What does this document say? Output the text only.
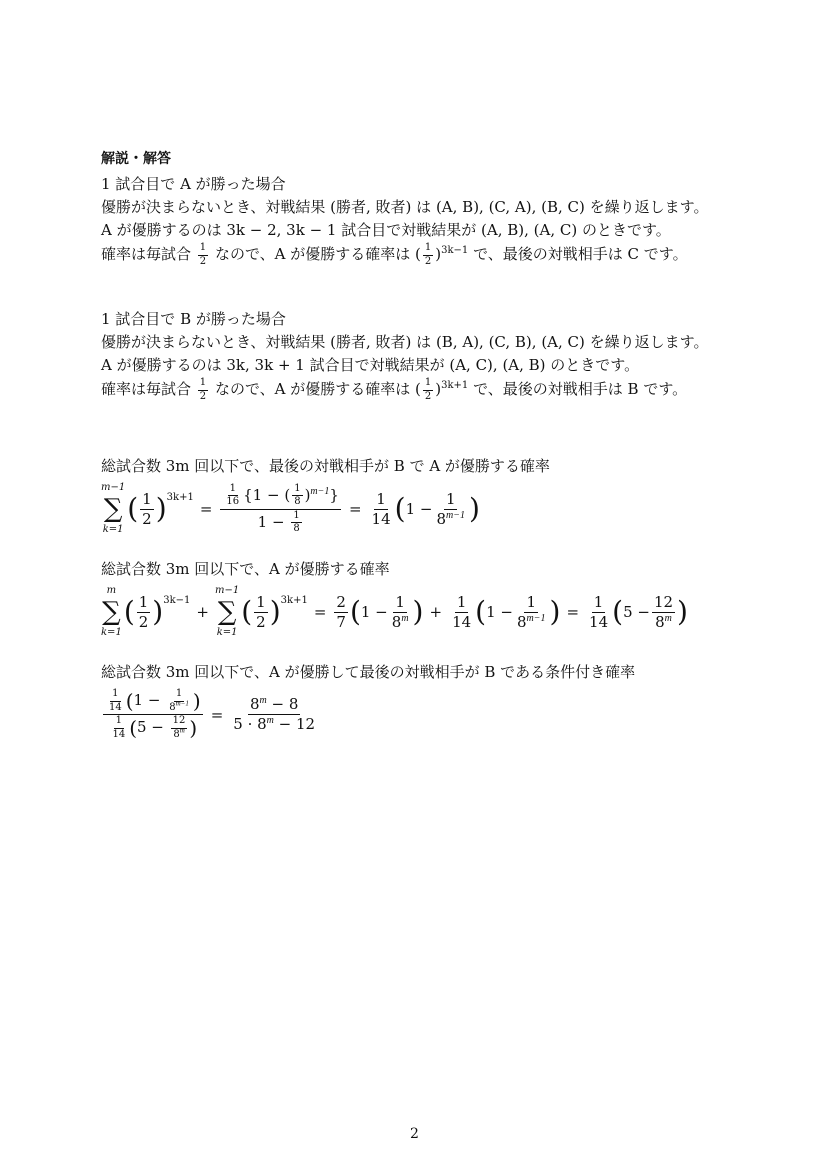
解説・解答
1 試合目で A が勝った場合
優勝が決まらないとき、対戦結果 (勝者, 敗者) は (A, B), (C, A), (B, C) を繰り返します。
A が優勝するのは 3k − 2, 3k − 1 試合目で対戦結果が (A, B), (A, C) のときです。
確率は毎試合 $\frac{1}{2}$ なので、A が優勝する確率は ( $\frac{1}{2} )^{3k-1}$ で、最後の対戦相手は C です。
1 試合目で B が勝った場合
優勝が決まらないとき、対戦結果 (勝者, 敗者) は (B, A), (C, B), (A, C) を繰り返します。
A が優勝するのは 3k, 3k + 1 試合目で対戦結果が (A, C), (A, B) のときです。
確率は毎試合 $\frac{1}{2}$ なので、A が優勝する確率は ( $\frac{1}{2} )^{3k+1}$ で、最後の対戦相手は B です。
総試合数 3m 回以下で、最後の対戦相手が B で A が優勝する確率
m−1
∑
k=1
( $\frac{1}{2} )^{3k+1}$
= $\frac{\frac{1}{16} \{1 - ( \frac{1}{8} )^{m-1}\}}{1 - \frac{1}{8}} = \frac{1}{14}$ ( $1 - \frac{1}{8^{m-1}}$ )
総試合数 3m 回以下で、A が優勝する確率
m
∑
k=1
( $\frac{1}{2} )^{3k-1}$
+
m−1
∑
k=1
( $\frac{1}{2} )^{3k+1}$
= $\frac{2}{7}$ ( $1 - \frac{1}{8^m}$ ) + $\frac{1}{14}$ ( $1 - \frac{1}{8^{m-1}}$ ) = $\frac{1}{14}$ ( $5 - \frac{12}{8^m}$ )
総試合数 3m 回以下で、A が優勝して最後の対戦相手が B である条件付き確率
$\frac{\frac{1}{14} (1 - \frac{1}{8^{m-1}} )}{\frac{1}{14} (5 - \frac{12}{8^m} )} = \frac{8^m - 8}{5 \cdot 8^m - 12}$
2
